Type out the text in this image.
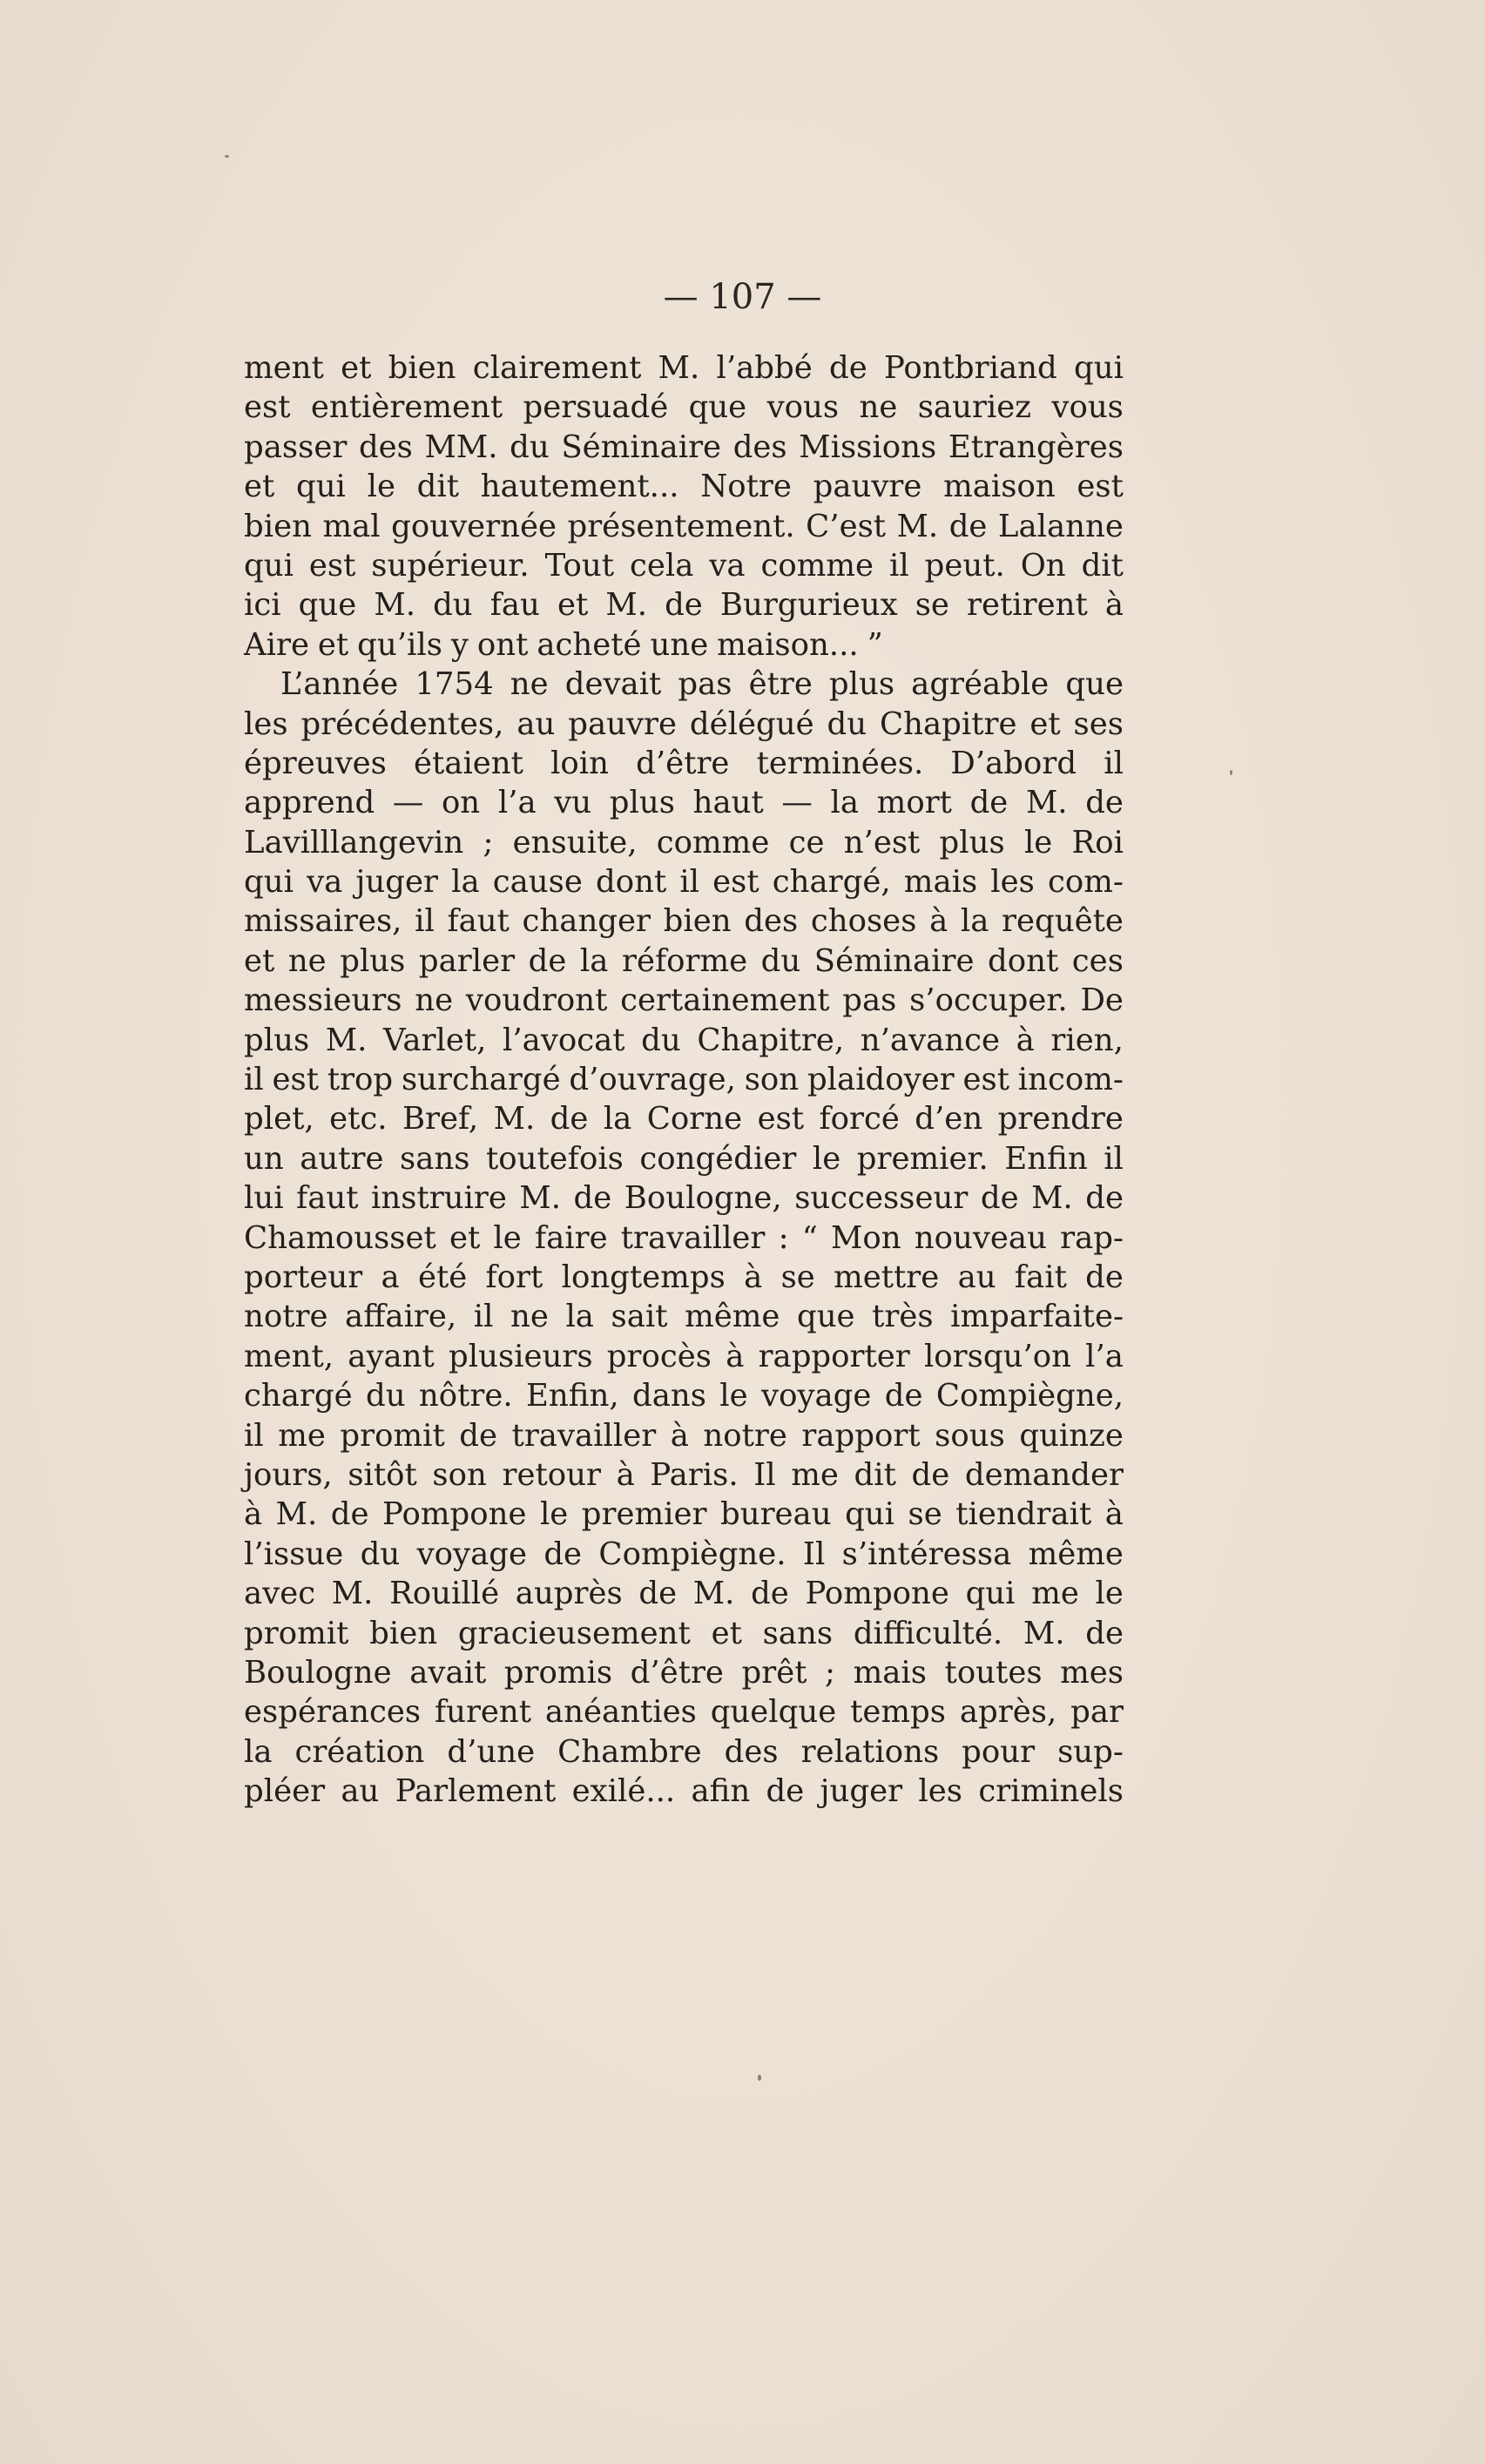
— 107 —
ment et bien clairement M. l’abbé de Pontbriand qui
est entièrement persuadé que vous ne sauriez vous
passer des MM. du Séminaire des Missions Etrangères
et qui le dit hautement... Notre pauvre maison est
bien mal gouvernée présentement. C’est M. de Lalanne
qui est supérieur. Tout cela va comme il peut. On dit
ici que M. du fau et M. de Burgurieux se retirent à
Aire et qu’ils y ont acheté une maison... ”
L’année 1754 ne devait pas être plus agréable que
les précédentes, au pauvre délégué du Chapitre et ses
épreuves étaient loin d’être terminées. D’abord il
apprend — on l’a vu plus haut — la mort de M. de
Lavilllangevin ; ensuite, comme ce n’est plus le Roi
qui va juger la cause dont il est chargé, mais les com-
missaires, il faut changer bien des choses à la requête
et ne plus parler de la réforme du Séminaire dont ces
messieurs ne voudront certainement pas s’occuper. De
plus M. Varlet, l’avocat du Chapitre, n’avance à rien,
il est trop surchargé d’ouvrage, son plaidoyer est incom-
plet, etc. Bref, M. de la Corne est forcé d’en prendre
un autre sans toutefois congédier le premier. Enfin il
lui faut instruire M. de Boulogne, successeur de M. de
Chamousset et le faire travailler : “ Mon nouveau rap-
porteur a été fort longtemps à se mettre au fait de
notre affaire, il ne la sait même que très imparfaite-
ment, ayant plusieurs procès à rapporter lorsqu’on l’a
chargé du nôtre. Enfin, dans le voyage de Compiègne,
il me promit de travailler à notre rapport sous quinze
jours, sitôt son retour à Paris. Il me dit de demander
à M. de Pompone le premier bureau qui se tiendrait à
l’issue du voyage de Compiègne. Il s’intéressa même
avec M. Rouillé auprès de M. de Pompone qui me le
promit bien gracieusement et sans difficulté. M. de
Boulogne avait promis d’être prêt ; mais toutes mes
espérances furent anéanties quelque temps après, par
la création d’une Chambre des relations pour sup-
pléer au Parlement exilé... afin de juger les criminels
